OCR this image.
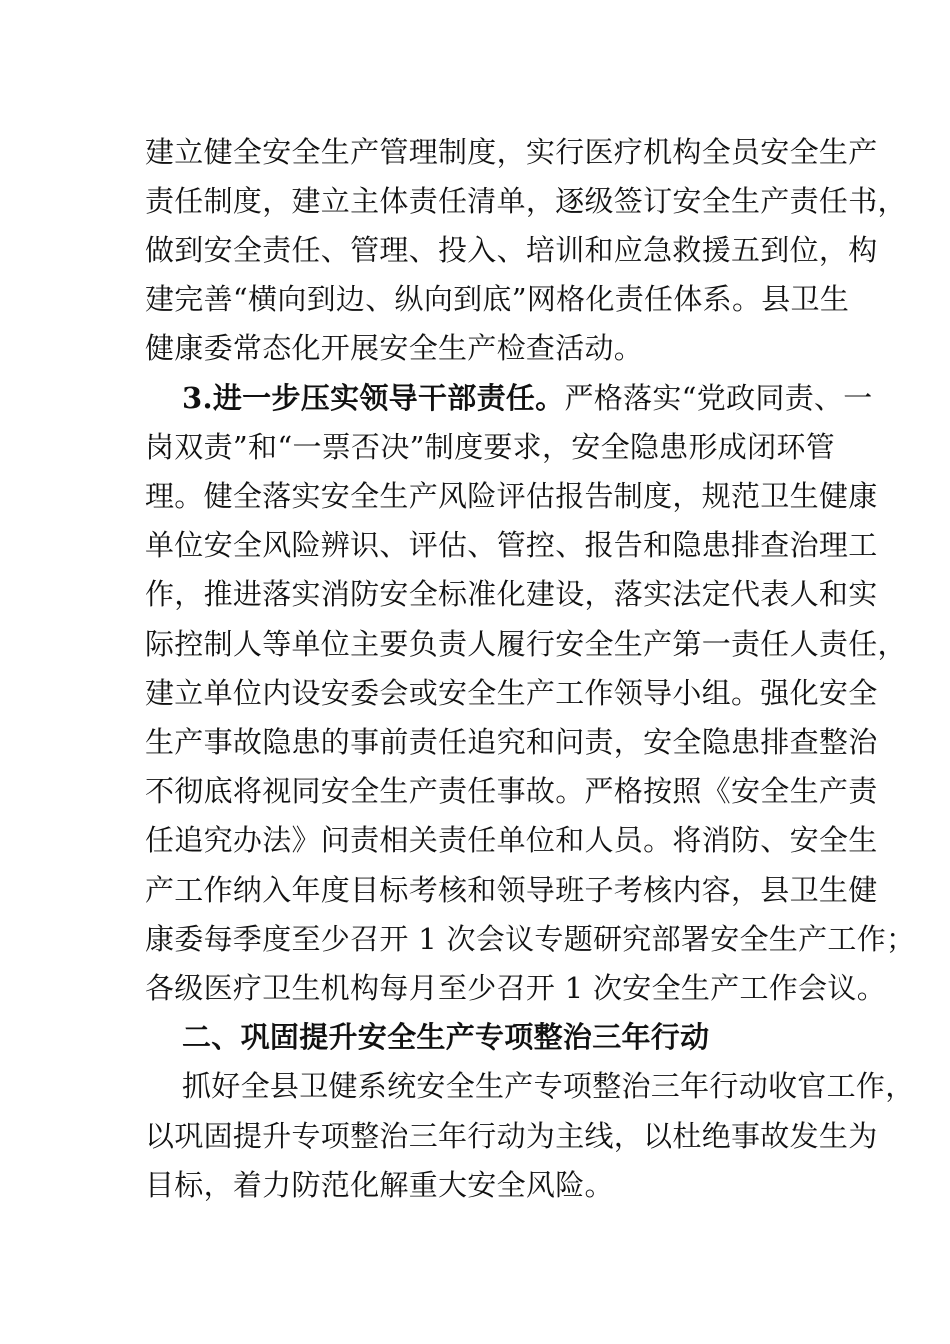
建立健全安全生产管理制度，实行医疗机构全员安全生产
责任制度，建立主体责任清单，逐级签订安全生产责任书，
做到安全责任、管理、投入、培训和应急救援五到位，构
建完善“横向到边、纵向到底”网格化责任体系。县卫生
健康委常态化开展安全生产检查活动。
3.进一步压实领导干部责任。严格落实“党政同责、一
岗双责”和“一票否决”制度要求，安全隐患形成闭环管
理。健全落实安全生产风险评估报告制度，规范卫生健康
单位安全风险辨识、评估、管控、报告和隐患排查治理工
作，推进落实消防安全标准化建设，落实法定代表人和实
际控制人等单位主要负责人履行安全生产第一责任人责任，
建立单位内设安委会或安全生产工作领导小组。强化安全
生产事故隐患的事前责任追究和问责，安全隐患排查整治
不彻底将视同安全生产责任事故。严格按照《安全生产责
任追究办法》问责相关责任单位和人员。将消防、安全生
产工作纳入年度目标考核和领导班子考核内容，县卫生健
康委每季度至少召开 1 次会议专题研究部署安全生产工作；
各级医疗卫生机构每月至少召开 1 次安全生产工作会议。
二、巩固提升安全生产专项整治三年行动
抓好全县卫健系统安全生产专项整治三年行动收官工作，
以巩固提升专项整治三年行动为主线，以杜绝事故发生为
目标，着力防范化解重大安全风险。
